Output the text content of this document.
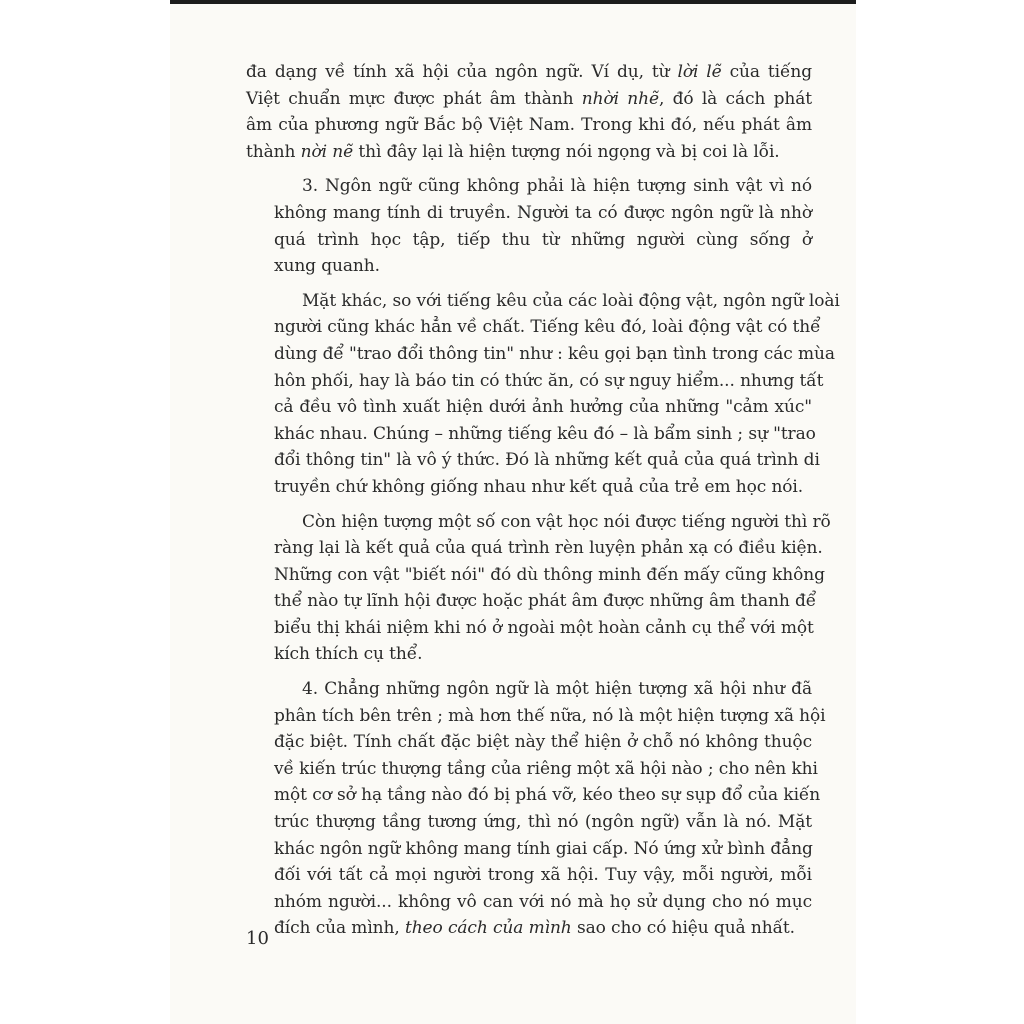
đa dạng về tính xã hội của ngôn ngữ. Ví dụ, từ lời lẽ của tiếng
Việt chuẩn mực được phát âm thành nhời nhẽ, đó là cách phát
âm của phương ngữ Bắc bộ Việt Nam. Trong khi đó, nếu phát âm
thành nời nẽ thì đây lại là hiện tượng nói ngọng và bị coi là lỗi.
3. Ngôn ngữ cũng không phải là hiện tượng sinh vật vì nó
không mang tính di truyền. Người ta có được ngôn ngữ là nhờ
quá trình học tập, tiếp thu từ những người cùng sống ở
xung quanh.
Mặt khác, so với tiếng kêu của các loài động vật, ngôn ngữ loài
người cũng khác hẳn về chất. Tiếng kêu đó, loài động vật có thể
dùng để "trao đổi thông tin" như : kêu gọi bạn tình trong các mùa
hôn phối, hay là báo tin có thức ăn, có sự nguy hiểm... nhưng tất
cả đều vô tình xuất hiện dưới ảnh hưởng của những "cảm xúc"
khác nhau. Chúng – những tiếng kêu đó – là bẩm sinh ; sự "trao
đổi thông tin" là vô ý thức. Đó là những kết quả của quá trình di
truyền chứ không giống nhau như kết quả của trẻ em học nói.
Còn hiện tượng một số con vật học nói được tiếng người thì rõ
ràng lại là kết quả của quá trình rèn luyện phản xạ có điều kiện.
Những con vật "biết nói" đó dù thông minh đến mấy cũng không
thể nào tự lĩnh hội được hoặc phát âm được những âm thanh để
biểu thị khái niệm khi nó ở ngoài một hoàn cảnh cụ thể với một
kích thích cụ thể.
4. Chẳng những ngôn ngữ là một hiện tượng xã hội như đã
phân tích bên trên ; mà hơn thế nữa, nó là một hiện tượng xã hội
đặc biệt. Tính chất đặc biệt này thể hiện ở chỗ nó không thuộc
về kiến trúc thượng tầng của riêng một xã hội nào ; cho nên khi
một cơ sở hạ tầng nào đó bị phá vỡ, kéo theo sự sụp đổ của kiến
trúc thượng tầng tương ứng, thì nó (ngôn ngữ) vẫn là nó. Mặt
khác ngôn ngữ không mang tính giai cấp. Nó ứng xử bình đẳng
đối với tất cả mọi người trong xã hội. Tuy vậy, mỗi người, mỗi
nhóm người... không vô can với nó mà họ sử dụng cho nó mục
đích của mình, theo cách của mình sao cho có hiệu quả nhất.
10
